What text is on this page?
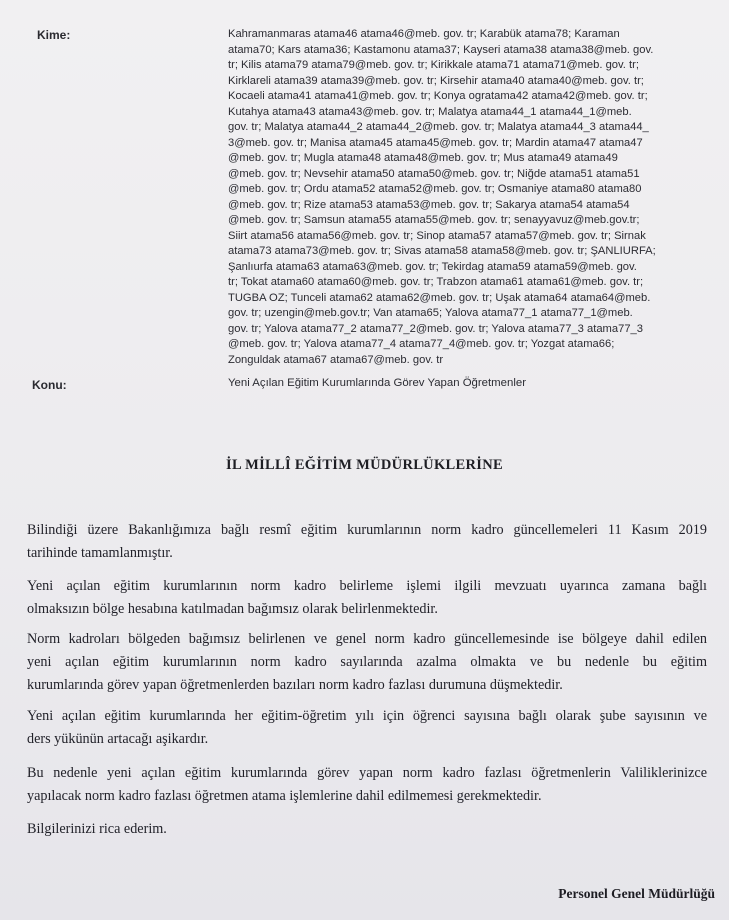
Kime:	Kahramanmaras atama46 atama46@meb. gov. tr; Karabük atama78; Karaman
atama70; Kars atama36; Kastamonu atama37; Kayseri atama38 atama38@meb. gov.
tr; Kilis atama79 atama79@meb. gov. tr; Kirikkale atama71 atama71@meb. gov. tr;
Kirklareli atama39 atama39@meb. gov. tr; Kirsehir atama40 atama40@meb. gov. tr;
Kocaeli atama41 atama41@meb. gov. tr; Konya ogratama42 atama42@meb. gov. tr;
Kutahya atama43 atama43@meb. gov. tr; Malatya atama44_1 atama44_1@meb.
gov. tr; Malatya atama44_2 atama44_2@meb. gov. tr; Malatya atama44_3 atama44_
3@meb. gov. tr; Manisa atama45 atama45@meb. gov. tr; Mardin atama47 atama47
@meb. gov. tr; Mugla atama48 atama48@meb. gov. tr; Mus atama49 atama49
@meb. gov. tr; Nevsehir atama50 atama50@meb. gov. tr; Niğde atama51 atama51
@meb. gov. tr; Ordu atama52 atama52@meb. gov. tr; Osmaniye atama80 atama80
@meb. gov. tr; Rize atama53 atama53@meb. gov. tr; Sakarya atama54 atama54
@meb. gov. tr; Samsun atama55 atama55@meb. gov. tr; senayyavuz@meb.gov.tr;
Siirt atama56 atama56@meb. gov. tr; Sinop atama57 atama57@meb. gov. tr; Sirnak
atama73 atama73@meb. gov. tr; Sivas atama58 atama58@meb. gov. tr; ŞANLIURFA;
Şanlıurfa atama63 atama63@meb. gov. tr; Tekirdag atama59 atama59@meb. gov.
tr; Tokat atama60 atama60@meb. gov. tr; Trabzon atama61 atama61@meb. gov. tr;
TUGBA OZ; Tunceli atama62 atama62@meb. gov. tr; Uşak atama64 atama64@meb.
gov. tr; uzengin@meb.gov.tr; Van atama65; Yalova atama77_1 atama77_1@meb.
gov. tr; Yalova atama77_2 atama77_2@meb. gov. tr; Yalova atama77_3 atama77_3
@meb. gov. tr; Yalova atama77_4 atama77_4@meb. gov. tr; Yozgat atama66;
Zonguldak atama67 atama67@meb. gov. tr
Konu:	Yeni Açılan Eğitim Kurumlarında Görev Yapan Öğretmenler
İL MİLLÎ EĞİTİM MÜDÜRLÜKLERİNE
Bilindiği üzere Bakanlığımıza bağlı resmî eğitim kurumlarının norm kadro güncellemeleri 11 Kasım 2019
tarihinde tamamlanmıştır.
Yeni açılan eğitim kurumlarının norm kadro belirleme işlemi ilgili mevzuatı uyarınca zamana bağlı
olmaksızın bölge hesabına katılmadan bağımsız olarak belirlenmektedir.
Norm kadroları bölgeden bağımsız belirlenen ve genel norm kadro güncellemesinde ise bölgeye dahil edilen
yeni açılan eğitim kurumlarının norm kadro sayılarında azalma olmakta ve bu nedenle bu eğitim
kurumlarında görev yapan öğretmenlerden bazıları norm kadro fazlası durumuna düşmektedir.
Yeni açılan eğitim kurumlarında her eğitim-öğretim yılı için öğrenci sayısına bağlı olarak şube sayısının ve
ders yükünün artacağı aşikardır.
Bu nedenle yeni açılan eğitim kurumlarında görev yapan norm kadro fazlası öğretmenlerin Valiliklerinizce
yapılacak norm kadro fazlası öğretmen atama işlemlerine dahil edilmemesi gerekmektedir.
Bilgilerinizi rica ederim.
Personel Genel Müdürlüğü
